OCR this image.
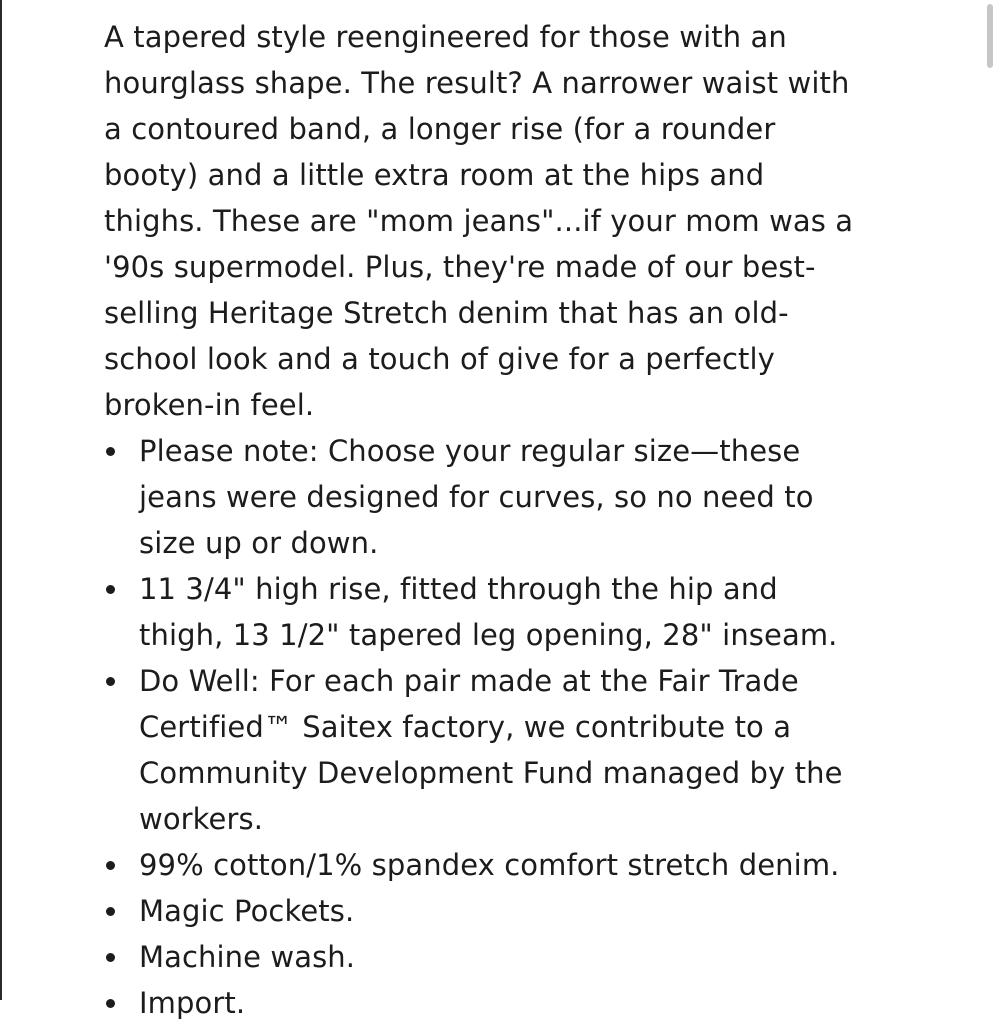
A tapered style reengineered for those with an hourglass shape. The result? A narrower waist with a contoured band, a longer rise (for a rounder booty) and a little extra room at the hips and thighs. These are "mom jeans"...if your mom was a '90s supermodel. Plus, they're made of our best-selling Heritage Stretch denim that has an old-school look and a touch of give for a perfectly broken-in feel.

Please note: Choose your regular size—these jeans were designed for curves, so no need to size up or down.
11 3/4" high rise, fitted through the hip and thigh, 13 1/2" tapered leg opening, 28" inseam.
Do Well: For each pair made at the Fair Trade Certified™ Saitex factory, we contribute to a Community Development Fund managed by the workers.
99% cotton/1% spandex comfort stretch denim.
Magic Pockets.
Machine wash.
Import.
